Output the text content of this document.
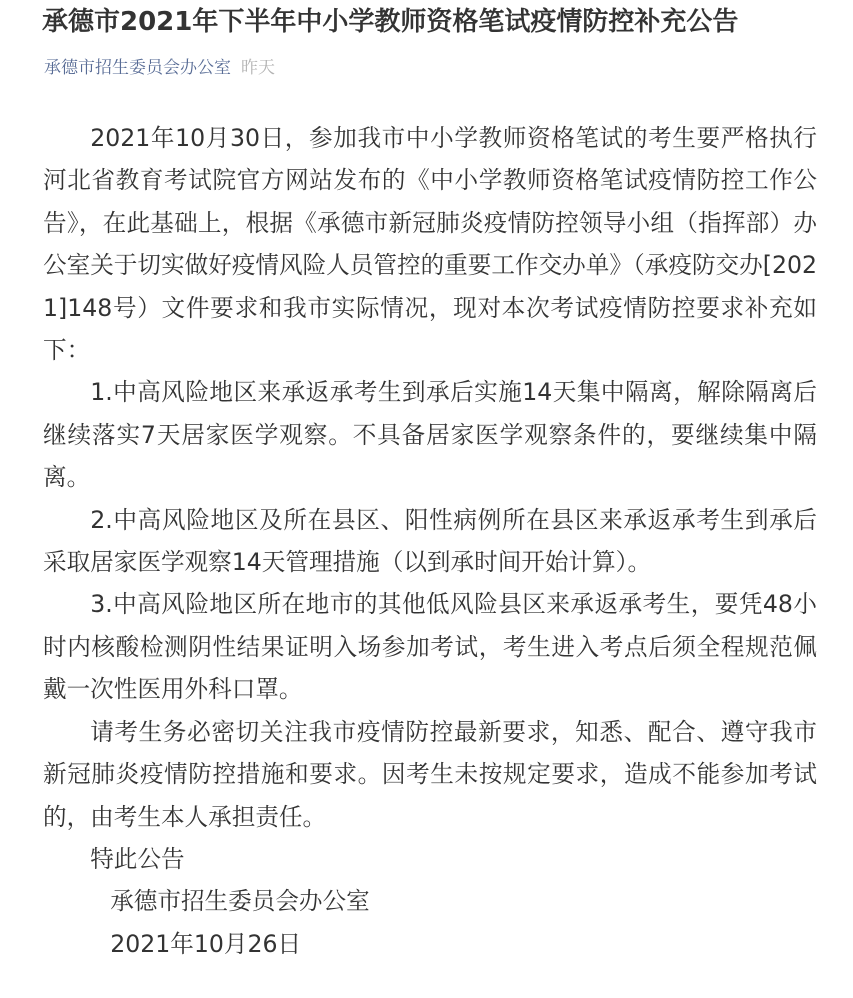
承德市2021年下半年中小学教师资格笔试疫情防控补充公告
承德市招生委员会办公室 昨天

2021年10月30日，参加我市中小学教师资格笔试的考生要严格执行河北省教育考试院官方网站发布的《中小学教师资格笔试疫情防控工作公告》，在此基础上，根据《承德市新冠肺炎疫情防控领导小组（指挥部）办公室关于切实做好疫情风险人员管控的重要工作交办单》（承疫防交办[2021]148号）文件要求和我市实际情况，现对本次考试疫情防控要求补充如下：

1.中高风险地区来承返承考生到承后实施14天集中隔离，解除隔离后继续落实7天居家医学观察。不具备居家医学观察条件的，要继续集中隔离。

2.中高风险地区及所在县区、阳性病例所在县区来承返承考生到承后采取居家医学观察14天管理措施（以到承时间开始计算）。

3.中高风险地区所在地市的其他低风险县区来承返承考生，要凭48小时内核酸检测阴性结果证明入场参加考试，考生进入考点后须全程规范佩戴一次性医用外科口罩。

请考生务必密切关注我市疫情防控最新要求，知悉、配合、遵守我市新冠肺炎疫情防控措施和要求。因考生未按规定要求，造成不能参加考试的，由考生本人承担责任。

特此公告

承德市招生委员会办公室

2021年10月26日
